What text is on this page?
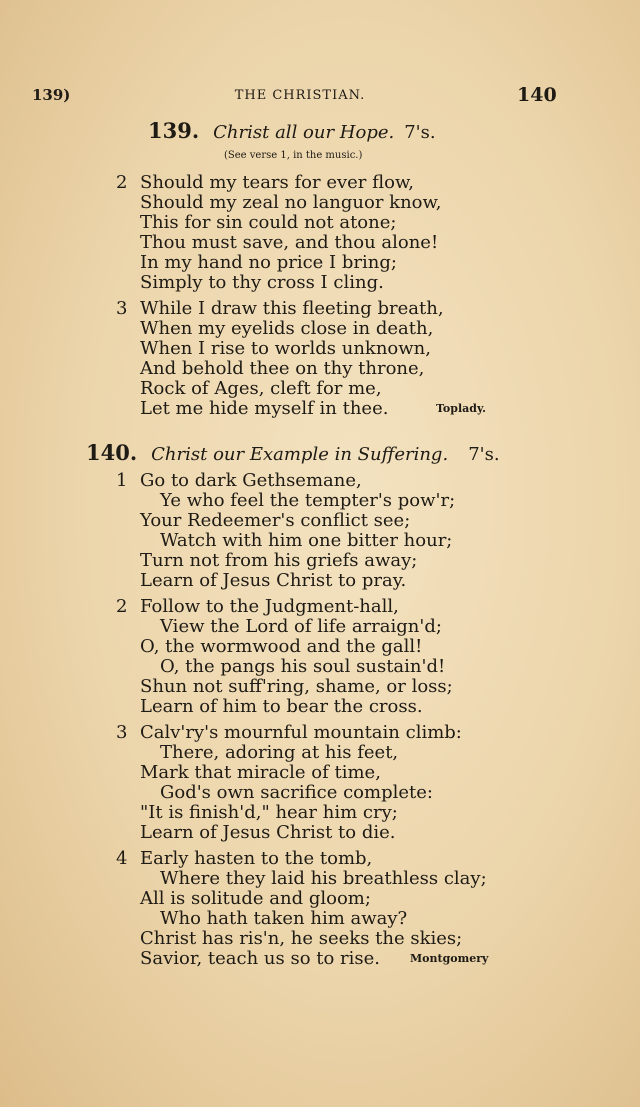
139)	THE CHRISTIAN.	140
139. Christ all our Hope. 7's.
(See verse 1, in the music.)
2 Should my tears for ever flow,
Should my zeal no languor know,
This for sin could not atone;
Thou must save, and thou alone!
In my hand no price I bring;
Simply to thy cross I cling.
3 While I draw this fleeting breath,
When my eyelids close in death,
When I rise to worlds unknown,
And behold thee on thy throne,
Rock of Ages, cleft for me,
Let me hide myself in thee.	Toplady.
140. Christ our Example in Suffering. 7's.
1 Go to dark Gethsemane,
Ye who feel the tempter's pow'r;
Your Redeemer's conflict see;
Watch with him one bitter hour;
Turn not from his griefs away;
Learn of Jesus Christ to pray.
2 Follow to the Judgment-hall,
View the Lord of life arraign'd;
O, the wormwood and the gall!
O, the pangs his soul sustain'd!
Shun not suff'ring, shame, or loss;
Learn of him to bear the cross.
3 Calv'ry's mournful mountain climb:
There, adoring at his feet,
Mark that miracle of time,
God's own sacrifice complete:
"It is finish'd," hear him cry;
Learn of Jesus Christ to die.
4 Early hasten to the tomb,
Where they laid his breathless clay;
All is solitude and gloom;
Who hath taken him away?
Christ has ris'n, he seeks the skies;
Savior, teach us so to rise.	Montgomery
